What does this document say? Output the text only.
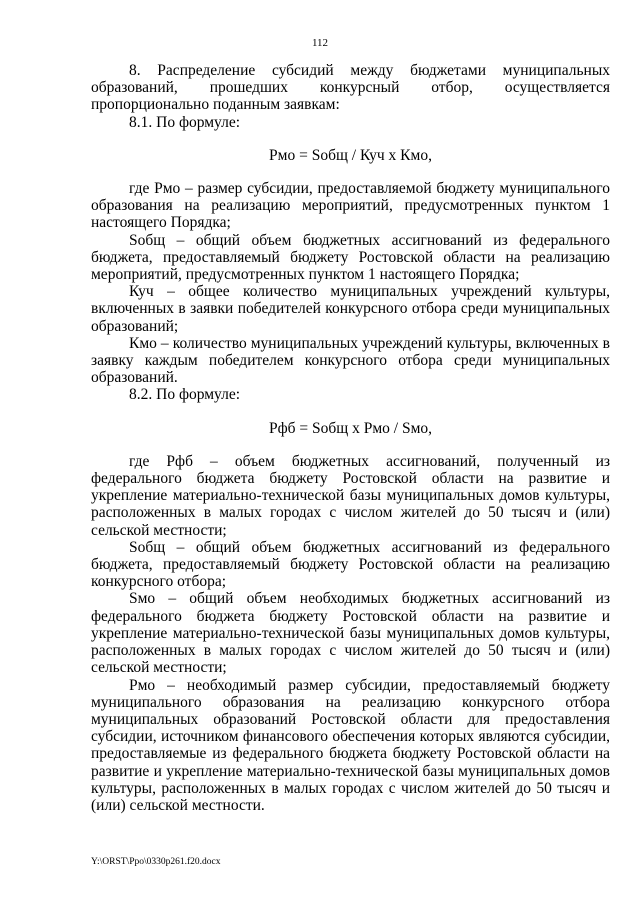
112

8. Распределение субсидий между бюджетами муниципальных образований, прошедших конкурсный отбор, осуществляется пропорционально поданным заявкам:

8.1. По формуле:

Рмо = Sобщ / Куч х Кмо,

где Рмо – размер субсидии, предоставляемой бюджету муниципального образования на реализацию мероприятий, предусмотренных пунктом 1 настоящего Порядка;

Sобщ – общий объем бюджетных ассигнований из федерального бюджета, предоставляемый бюджету Ростовской области на реализацию мероприятий, предусмотренных пунктом 1 настоящего Порядка;

Куч – общее количество муниципальных учреждений культуры, включенных в заявки победителей конкурсного отбора среди муниципальных образований;

Кмо – количество муниципальных учреждений культуры, включенных в заявку каждым победителем конкурсного отбора среди муниципальных образований.

8.2. По формуле:

Рфб = Sобщ х Рмо / Sмо,

где Рфб – объем бюджетных ассигнований, полученный из федерального бюджета бюджету Ростовской области на развитие и укрепление материально-технической базы муниципальных домов культуры, расположенных в малых городах с числом жителей до 50 тысяч и (или) сельской местности;

Sобщ – общий объем бюджетных ассигнований из федерального бюджета, предоставляемый бюджету Ростовской области на реализацию конкурсного отбора;

Sмо – общий объем необходимых бюджетных ассигнований из федерального бюджета бюджету Ростовской области на развитие и укрепление материально-технической базы муниципальных домов культуры, расположенных в малых городах с числом жителей до 50 тысяч и (или) сельской местности;

Рмо – необходимый размер субсидии, предоставляемый бюджету муниципального образования на реализацию конкурсного отбора муниципальных образований Ростовской области для предоставления субсидии, источником финансового обеспечения которых являются субсидии, предоставляемые из федерального бюджета бюджету Ростовской области на развитие и укрепление материально-технической базы муниципальных домов культуры, расположенных в малых городах с числом жителей до 50 тысяч и (или) сельской местности.

Y:\ORST\Ppo\0330p261.f20.docx
